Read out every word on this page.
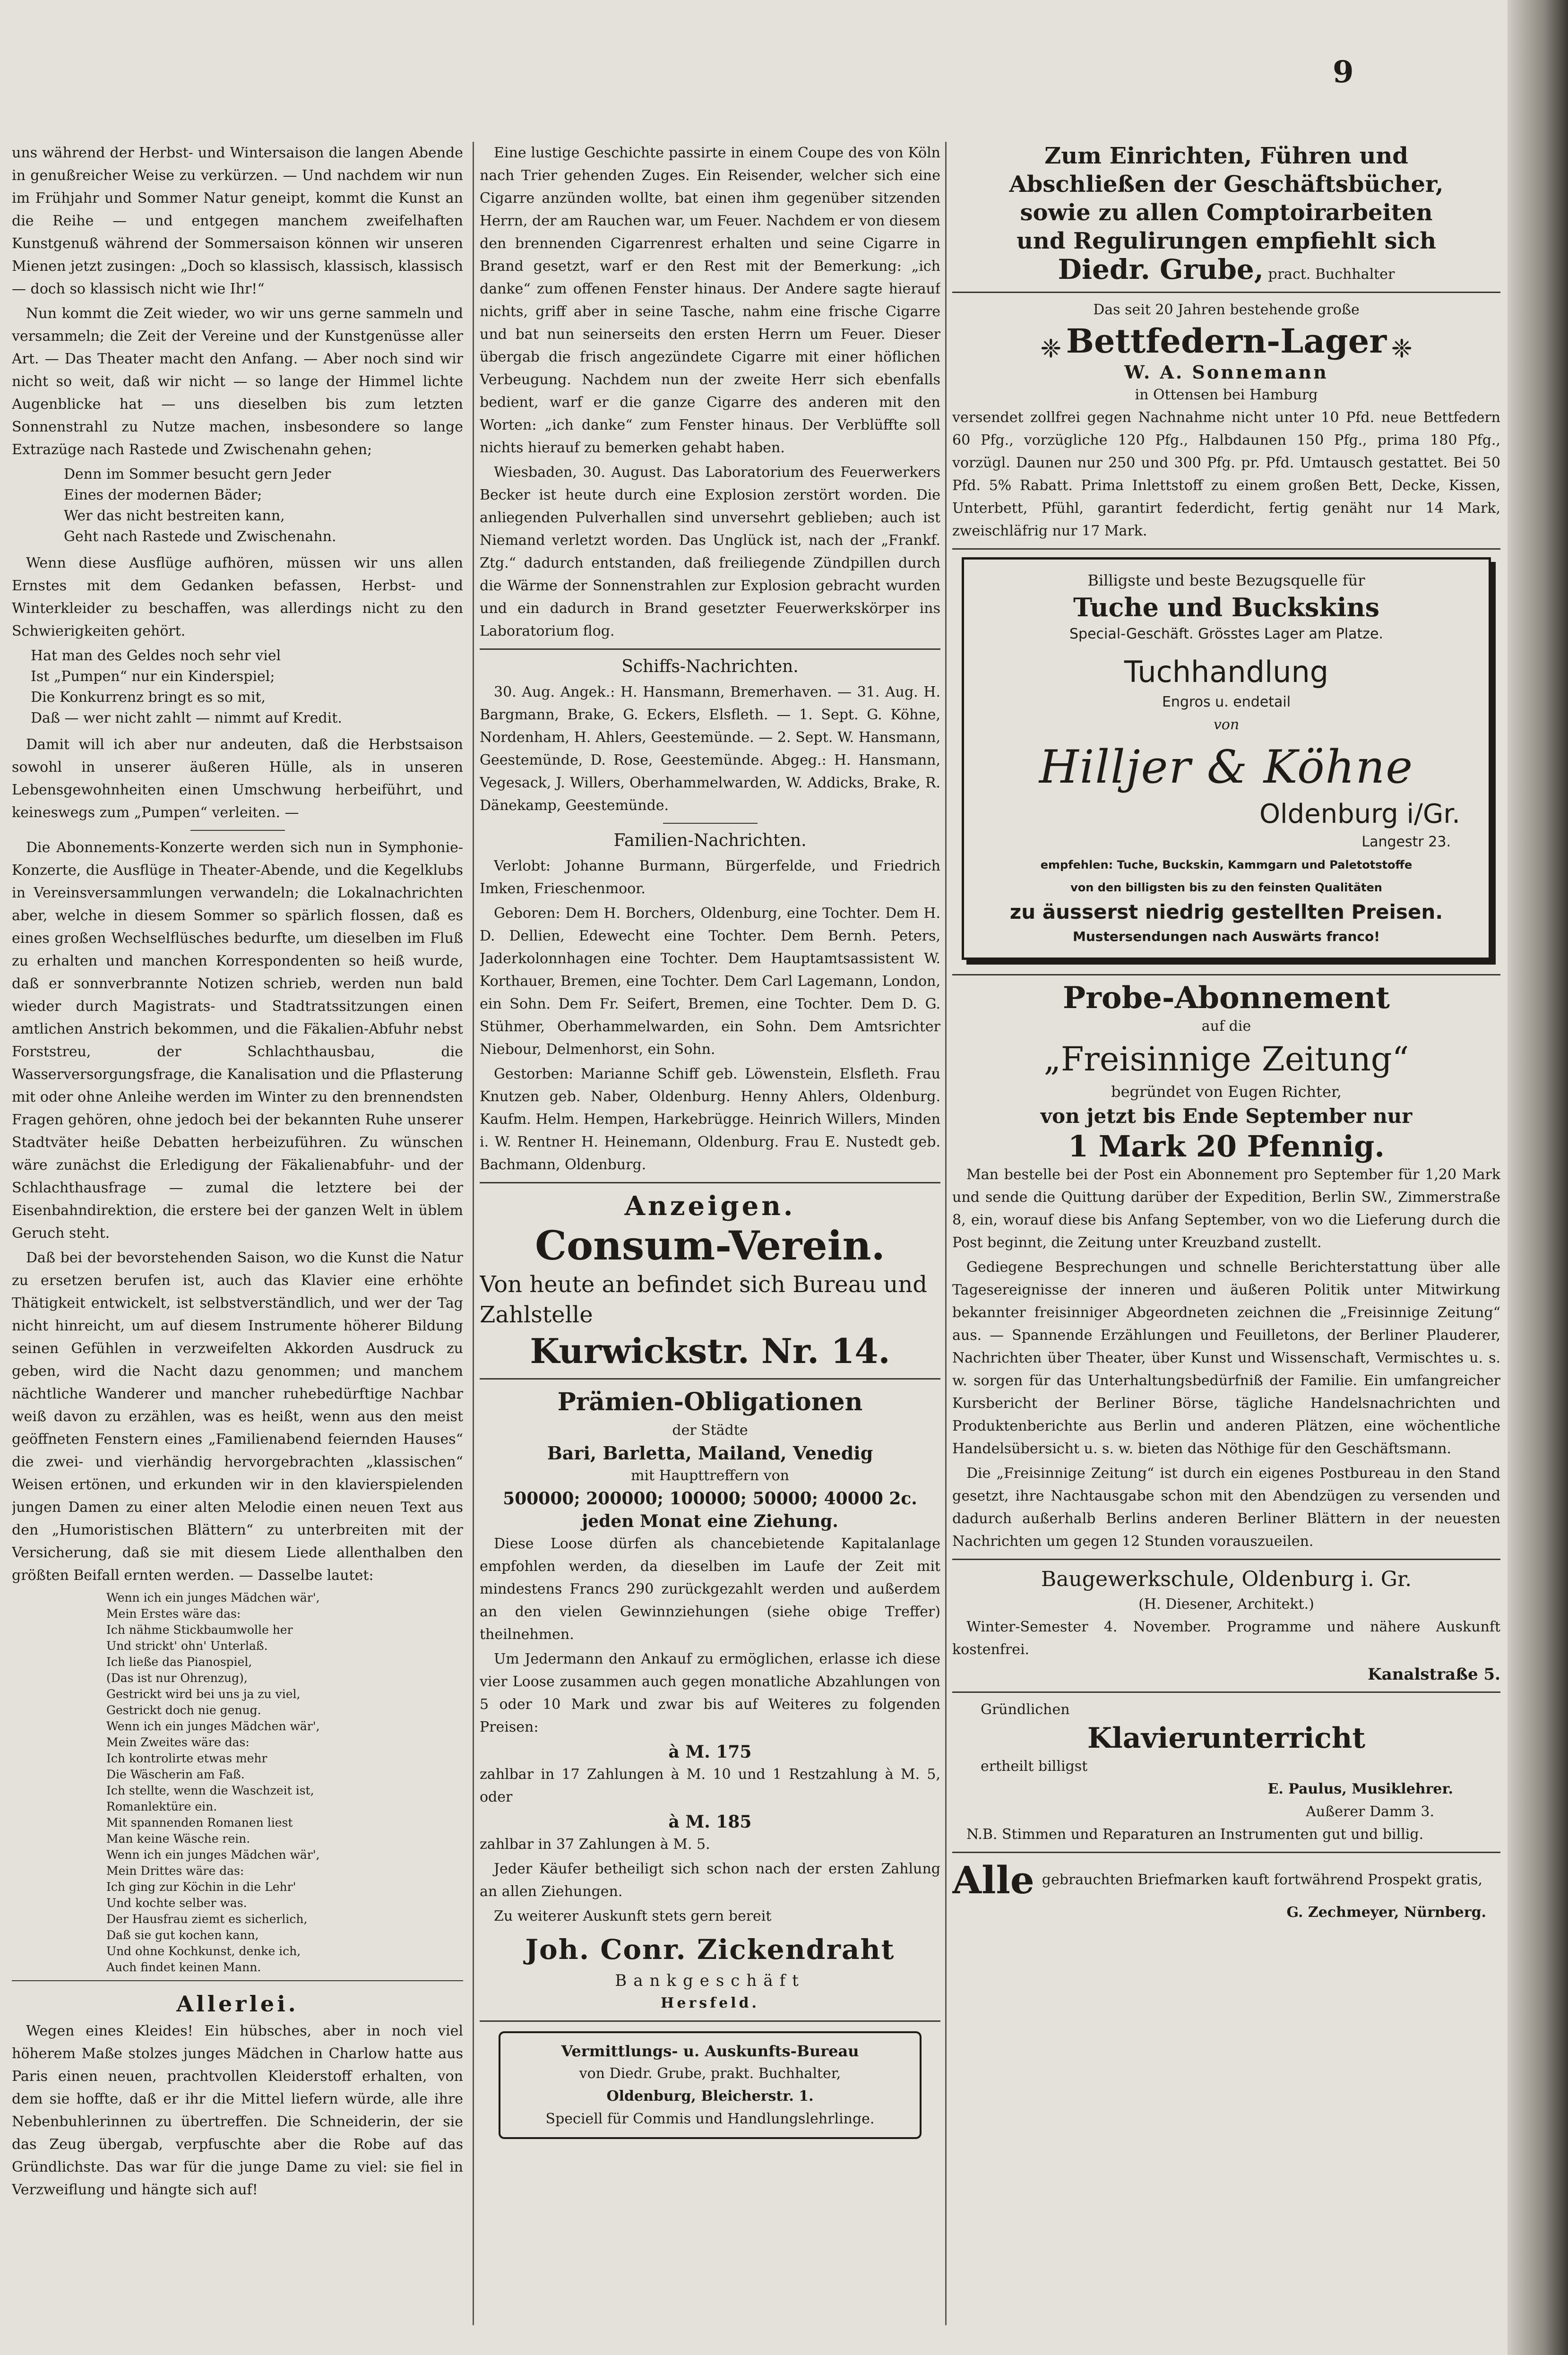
9

uns während der Herbst- und Wintersaison die langen Abende in genußreicher Weise zu verkürzen. — Und nachdem wir nun im Frühjahr und Sommer Natur geneipt, kommt die Kunst an die Reihe — und entgegen manchem zweifelhaften Kunstgenuß während der Sommersaison können wir unseren Mienen jetzt zusingen: „Doch so klassisch, klassisch, klassisch — doch so klassisch nicht wie Ihr!“

Nun kommt die Zeit wieder, wo wir uns gerne sammeln und versammeln; die Zeit der Vereine und der Kunstgenüsse aller Art. — Das Theater macht den Anfang. — Aber noch sind wir nicht so weit, daß wir nicht — so lange der Himmel lichte Augenblicke hat — uns dieselben bis zum letzten Sonnenstrahl zu Nutze machen, insbesondere so lange Extrazüge nach Rastede und Zwischenahn gehen;

Denn im Sommer besucht gern Jeder
Eines der modernen Bäder;
Wer das nicht bestreiten kann,
Geht nach Rastede und Zwischenahn.

Wenn diese Ausflüge aufhören, müssen wir uns allen Ernstes mit dem Gedanken befassen, Herbst- und Winterkleider zu beschaffen, was allerdings nicht zu den Schwierigkeiten gehört.

Hat man des Geldes noch sehr viel
Ist „Pumpen“ nur ein Kinderspiel;
Die Konkurrenz bringt es so mit,
Daß — wer nicht zahlt — nimmt auf Kredit.

Damit will ich aber nur andeuten, daß die Herbstsaison sowohl in unserer äußeren Hülle, als in unseren Lebensgewohnheiten einen Umschwung herbeiführt, und keineswegs zum „Pumpen“ verleiten. —

Die Abonnements-Konzerte werden sich nun in Symphonie-Konzerte, die Ausflüge in Theater-Abende, und die Kegelklubs in Vereinsversammlungen verwandeln; die Lokalnachrichten aber, welche in diesem Sommer so spärlich flossen, daß es eines großen Wechselflüsches bedurfte, um dieselben im Fluß zu erhalten und manchen Korrespondenten so heiß wurde, daß er sonnverbrannte Notizen schrieb, werden nun bald wieder durch Magistrats- und Stadtratssitzungen einen amtlichen Anstrich bekommen, und die Fäkalien-Abfuhr nebst Forststreu, der Schlachthausbau, die Wasserversorgungsfrage, die Kanalisation und die Pflasterung mit oder ohne Anleihe werden im Winter zu den brennendsten Fragen gehören, ohne jedoch bei der bekannten Ruhe unserer Stadtväter heiße Debatten herbeizuführen. Zu wünschen wäre zunächst die Erledigung der Fäkalienabfuhr- und der Schlachthausfrage — zumal die letztere bei der Eisenbahndirektion, die erstere bei der ganzen Welt in üblem Geruch steht.

Daß bei der bevorstehenden Saison, wo die Kunst die Natur zu ersetzen berufen ist, auch das Klavier eine erhöhte Thätigkeit entwickelt, ist selbstverständlich, und wer der Tag nicht hinreicht, um auf diesem Instrumente höherer Bildung seinen Gefühlen in verzweifelten Akkorden Ausdruck zu geben, wird die Nacht dazu genommen; und manchem nächtliche Wanderer und mancher ruhebedürftige Nachbar weiß davon zu erzählen, was es heißt, wenn aus den meist geöffneten Fenstern eines „Familienabend feiernden Hauses“ die zwei- und vierhändig hervorgebrachten „klassischen“ Weisen ertönen, und erkunden wir in den klavierspielenden jungen Damen zu einer alten Melodie einen neuen Text aus den „Humoristischen Blättern“ zu unterbreiten mit der Versicherung, daß sie mit diesem Liede allenthalben den größten Beifall ernten werden. — Dasselbe lautet:

Wenn ich ein junges Mädchen wär',
Mein Erstes wäre das:
Ich nähme Stickbaumwolle her
Und strickt' ohn' Unterlaß.
Ich ließe das Pianospiel,
(Das ist nur Ohrenzug),
Gestrickt wird bei uns ja zu viel,
Gestrickt doch nie genug.
Wenn ich ein junges Mädchen wär',
Mein Zweites wäre das:
Ich kontrolirte etwas mehr
Die Wäscherin am Faß.
Ich stellte, wenn die Waschzeit ist,
Romanlektüre ein.
Mit spannenden Romanen liest
Man keine Wäsche rein.
Wenn ich ein junges Mädchen wär',
Mein Drittes wäre das:
Ich ging zur Köchin in die Lehr'
Und kochte selber was.
Der Hausfrau ziemt es sicherlich,
Daß sie gut kochen kann,
Und ohne Kochkunst, denke ich,
Auch findet keinen Mann.
Allerlei.

Wegen eines Kleides! Ein hübsches, aber in noch viel höherem Maße stolzes junges Mädchen in Charlow hatte aus Paris einen neuen, prachtvollen Kleiderstoff erhalten, von dem sie hoffte, daß er ihr die Mittel liefern würde, alle ihre Nebenbuhlerinnen zu übertreffen. Die Schneiderin, der sie das Zeug übergab, verpfuschte aber die Robe auf das Gründlichste. Das war für die junge Dame zu viel: sie fiel in Verzweiflung und hängte sich auf!

Eine lustige Geschichte passirte in einem Coupe des von Köln nach Trier gehenden Zuges. Ein Reisender, welcher sich eine Cigarre anzünden wollte, bat einen ihm gegenüber sitzenden Herrn, der am Rauchen war, um Feuer. Nachdem er von diesem den brennenden Cigarrenrest erhalten und seine Cigarre in Brand gesetzt, warf er den Rest mit der Bemerkung: „ich danke“ zum offenen Fenster hinaus. Der Andere sagte hierauf nichts, griff aber in seine Tasche, nahm eine frische Cigarre und bat nun seinerseits den ersten Herrn um Feuer. Dieser übergab die frisch angezündete Cigarre mit einer höflichen Verbeugung. Nachdem nun der zweite Herr sich ebenfalls bedient, warf er die ganze Cigarre des anderen mit den Worten: „ich danke“ zum Fenster hinaus. Der Verblüffte soll nichts hierauf zu bemerken gehabt haben.

Wiesbaden, 30. August. Das Laboratorium des Feuerwerkers Becker ist heute durch eine Explosion zerstört worden. Die anliegenden Pulverhallen sind unversehrt geblieben; auch ist Niemand verletzt worden. Das Unglück ist, nach der „Frankf. Ztg.“ dadurch entstanden, daß freiliegende Zündpillen durch die Wärme der Sonnenstrahlen zur Explosion gebracht wurden und ein dadurch in Brand gesetzter Feuerwerkskörper ins Laboratorium flog.

Schiffs-Nachrichten.

30. Aug. Angek.: H. Hansmann, Bremerhaven. — 31. Aug. H. Bargmann, Brake, G. Eckers, Elsfleth. — 1. Sept. G. Köhne, Nordenham, H. Ahlers, Geestemünde. — 2. Sept. W. Hansmann, Geestemünde, D. Rose, Geestemünde. Abgeg.: H. Hansmann, Vegesack, J. Willers, Oberhammelwarden, W. Addicks, Brake, R. Dänekamp, Geestemünde.

Familien-Nachrichten.

Verlobt: Johanne Burmann, Bürgerfelde, und Friedrich Imken, Frieschenmoor.

Geboren: Dem H. Borchers, Oldenburg, eine Tochter. Dem H. D. Dellien, Edewecht eine Tochter. Dem Bernh. Peters, Jaderkolonnhagen eine Tochter. Dem Hauptamtsassistent W. Korthauer, Bremen, eine Tochter. Dem Carl Lagemann, London, ein Sohn. Dem Fr. Seifert, Bremen, eine Tochter. Dem D. G. Stühmer, Oberhammelwarden, ein Sohn. Dem Amtsrichter Niebour, Delmenhorst, ein Sohn.

Gestorben: Marianne Schiff geb. Löwenstein, Elsfleth. Frau Knutzen geb. Naber, Oldenburg. Henny Ahlers, Oldenburg. Kaufm. Helm. Hempen, Harkebrügge. Heinrich Willers, Minden i. W. Rentner H. Heinemann, Oldenburg. Frau E. Nustedt geb. Bachmann, Oldenburg.

Anzeigen.
Consum-Verein.
Von heute an befindet sich Bureau und Zahlstelle
Kurwickstr. Nr. 14.
Prämien-Obligationen
der Städte
Bari, Barletta, Mailand, Venedig
mit Haupttreffern von
500000; 200000; 100000; 50000; 40000 2c.
jeden Monat eine Ziehung.

Diese Loose dürfen als chancebietende Kapitalanlage empfohlen werden, da dieselben im Laufe der Zeit mit mindestens Francs 290 zurückgezahlt werden und außerdem an den vielen Gewinnziehungen (siehe obige Treffer) theilnehmen.

Um Jedermann den Ankauf zu ermöglichen, erlasse ich diese vier Loose zusammen auch gegen monatliche Abzahlungen von 5 oder 10 Mark und zwar bis auf Weiteres zu folgenden Preisen:

à M. 175

zahlbar in 17 Zahlungen à M. 10 und 1 Restzahlung à M. 5, oder

à M. 185

zahlbar in 37 Zahlungen à M. 5.

Jeder Käufer betheiligt sich schon nach der ersten Zahlung an allen Ziehungen.

Zu weiterer Auskunft stets gern bereit

Joh. Conr. Zickendraht
Bankgeschäft
Hersfeld.
Vermittlungs- u. Auskunfts-Bureau
von Diedr. Grube, prakt. Buchhalter,
Oldenburg, Bleicherstr. 1.
Speciell für Commis und Handlungslehrlinge.
Zum Einrichten, Führen und
Abschließen der Geschäftsbücher,
sowie zu allen Comptoirarbeiten
und Regulirungen empfiehlt sich
Diedr. Grube, pract. Buchhalter
Das seit 20 Jahren bestehende große
❈ Bettfedern-Lager ❈
W. A. Sonnemann
in Ottensen bei Hamburg

versendet zollfrei gegen Nachnahme nicht unter 10 Pfd. neue Bettfedern 60 Pfg., vorzügliche 120 Pfg., Halbdaunen 150 Pfg., prima 180 Pfg., vorzügl. Daunen nur 250 und 300 Pfg. pr. Pfd. Umtausch gestattet. Bei 50 Pfd. 5% Rabatt. Prima Inlettstoff zu einem großen Bett, Decke, Kissen, Unterbett, Pfühl, garantirt federdicht, fertig genäht nur 14 Mark, zweischläfrig nur 17 Mark.

Billigste und beste Bezugsquelle für
Tuche und Buckskins
Special-Geschäft. Grösstes Lager am Platze.
Tuchhandlung
Engros u. endetail
von
Hilljer & Köhne
Oldenburg i/Gr.
Langestr 23.
empfehlen: Tuche, Buckskin, Kammgarn und Paletotstoffe
von den billigsten bis zu den feinsten Qualitäten
zu äusserst niedrig gestellten Preisen.
Mustersendungen nach Auswärts franco!
Probe-Abonnement
auf die
„Freisinnige Zeitung“
begründet von Eugen Richter,
von jetzt bis Ende September nur
1 Mark 20 Pfennig.

Man bestelle bei der Post ein Abonnement pro September für 1,20 Mark und sende die Quittung darüber der Expedition, Berlin SW., Zimmerstraße 8, ein, worauf diese bis Anfang September, von wo die Lieferung durch die Post beginnt, die Zeitung unter Kreuzband zustellt.

Gediegene Besprechungen und schnelle Berichterstattung über alle Tagesereignisse der inneren und äußeren Politik unter Mitwirkung bekannter freisinniger Abgeordneten zeichnen die „Freisinnige Zeitung“ aus. — Spannende Erzählungen und Feuilletons, der Berliner Plauderer, Nachrichten über Theater, über Kunst und Wissenschaft, Vermischtes u. s. w. sorgen für das Unterhaltungsbedürfniß der Familie. Ein umfangreicher Kursbericht der Berliner Börse, tägliche Handelsnachrichten und Produktenberichte aus Berlin und anderen Plätzen, eine wöchentliche Handelsübersicht u. s. w. bieten das Nöthige für den Geschäftsmann.

Die „Freisinnige Zeitung“ ist durch ein eigenes Postbureau in den Stand gesetzt, ihre Nachtausgabe schon mit den Abendzügen zu versenden und dadurch außerhalb Berlins anderen Berliner Blättern in der neuesten Nachrichten um gegen 12 Stunden vorauszueilen.

Baugewerkschule, Oldenburg i. Gr.
(H. Diesener, Architekt.)

Winter-Semester 4. November. Programme und nähere Auskunft kostenfrei.

Kanalstraße 5.
Gründlichen
Klavierunterricht
ertheilt billigst
E. Paulus, Musiklehrer.
Außerer Damm 3.

N.B. Stimmen und Reparaturen an Instrumenten gut und billig.

Alle gebrauchten Briefmarken kauft fortwährend Prospekt gratis,
G. Zechmeyer, Nürnberg.
